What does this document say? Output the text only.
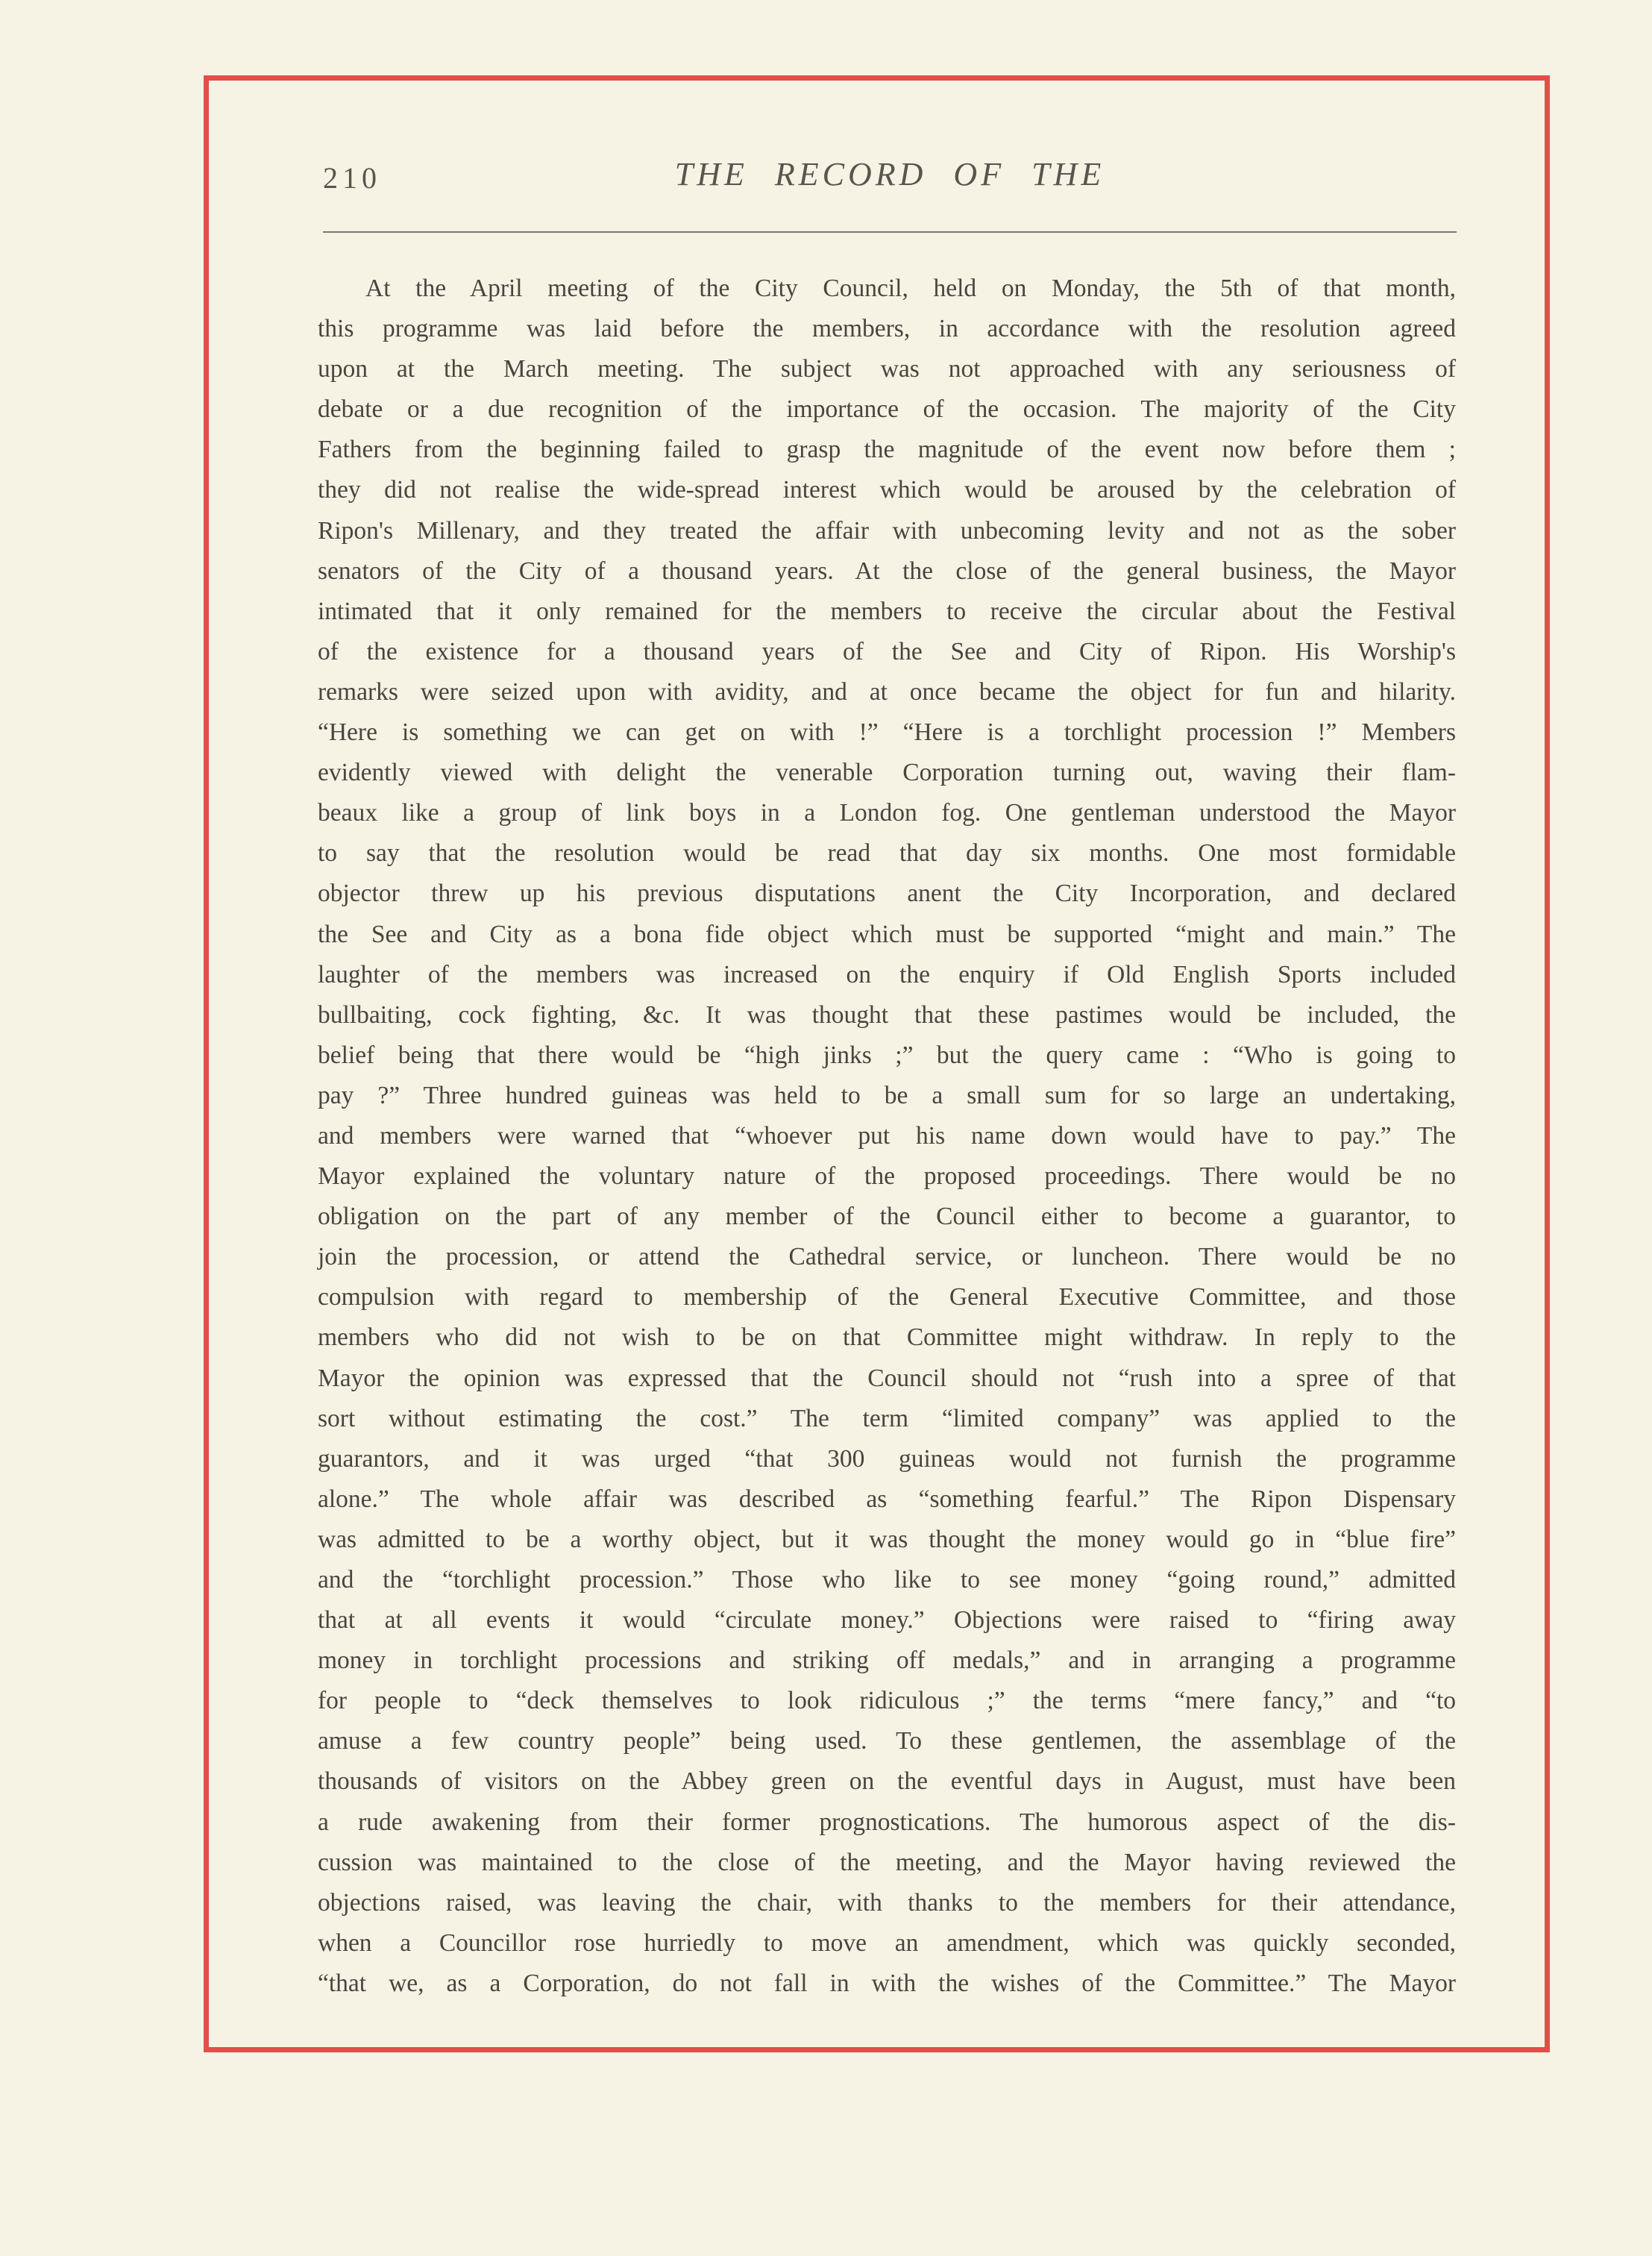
210	THE RECORD OF THE
At the April meeting of the City Council, held on Monday, the 5th of that month,
this programme was laid before the members, in accordance with the resolution agreed
upon at the March meeting. The subject was not approached with any seriousness of
debate or a due recognition of the importance of the occasion. The majority of the City
Fathers from the beginning failed to grasp the magnitude of the event now before them ;
they did not realise the wide-spread interest which would be aroused by the celebration of
Ripon's Millenary, and they treated the affair with unbecoming levity and not as the sober
senators of the City of a thousand years. At the close of the general business, the Mayor
intimated that it only remained for the members to receive the circular about the Festival
of the existence for a thousand years of the See and City of Ripon. His Worship's
remarks were seized upon with avidity, and at once became the object for fun and hilarity.
“Here is something we can get on with !” “Here is a torchlight procession !” Members
evidently viewed with delight the venerable Corporation turning out, waving their flam-
beaux like a group of link boys in a London fog. One gentleman understood the Mayor
to say that the resolution would be read that day six months. One most formidable
objector threw up his previous disputations anent the City Incorporation, and declared
the See and City as a bona fide object which must be supported “might and main.” The
laughter of the members was increased on the enquiry if Old English Sports included
bullbaiting, cock fighting, &c. It was thought that these pastimes would be included, the
belief being that there would be “high jinks ;” but the query came : “Who is going to
pay ?” Three hundred guineas was held to be a small sum for so large an undertaking,
and members were warned that “whoever put his name down would have to pay.” The
Mayor explained the voluntary nature of the proposed proceedings. There would be no
obligation on the part of any member of the Council either to become a guarantor, to
join the procession, or attend the Cathedral service, or luncheon. There would be no
compulsion with regard to membership of the General Executive Committee, and those
members who did not wish to be on that Committee might withdraw. In reply to the
Mayor the opinion was expressed that the Council should not “rush into a spree of that
sort without estimating the cost.” The term “limited company” was applied to the
guarantors, and it was urged “that 300 guineas would not furnish the programme
alone.” The whole affair was described as “something fearful.” The Ripon Dispensary
was admitted to be a worthy object, but it was thought the money would go in “blue fire”
and the “torchlight procession.” Those who like to see money “going round,” admitted
that at all events it would “circulate money.” Objections were raised to “firing away
money in torchlight processions and striking off medals,” and in arranging a programme
for people to “deck themselves to look ridiculous ;” the terms “mere fancy,” and “to
amuse a few country people” being used. To these gentlemen, the assemblage of the
thousands of visitors on the Abbey green on the eventful days in August, must have been
a rude awakening from their former prognostications. The humorous aspect of the dis-
cussion was maintained to the close of the meeting, and the Mayor having reviewed the
objections raised, was leaving the chair, with thanks to the members for their attendance,
when a Councillor rose hurriedly to move an amendment, which was quickly seconded,
“that we, as a Corporation, do not fall in with the wishes of the Committee.” The Mayor
